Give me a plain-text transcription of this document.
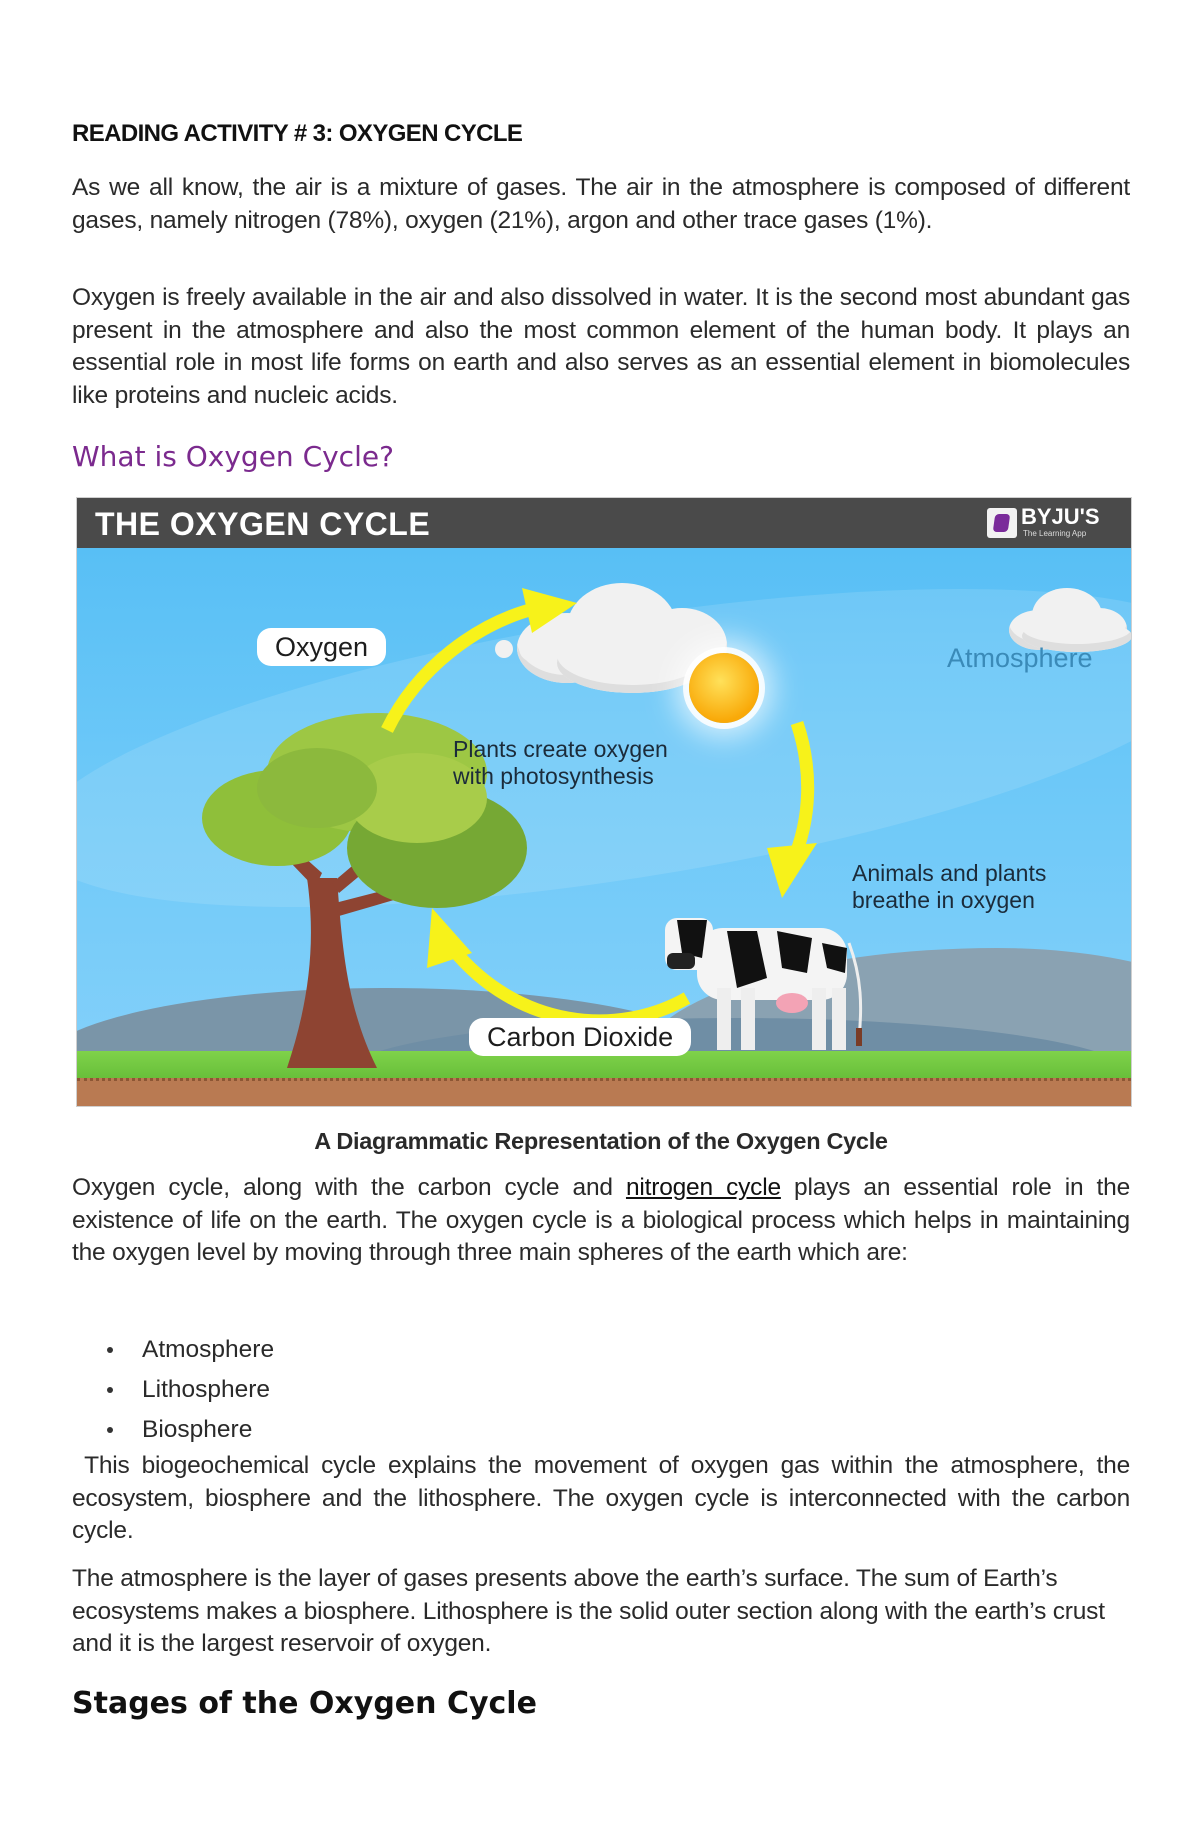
READING ACTIVITY # 3: OXYGEN CYCLE

As we all know, the air is a mixture of gases. The air in the atmosphere is composed of different gases, namely nitrogen (78%), oxygen (21%), argon and other trace gases (1%).

Oxygen is freely available in the air and also dissolved in water. It is the second most abundant gas present in the atmosphere and also the most common element of the human body. It plays an essential role in most life forms on earth and also serves as an essential element in biomolecules like proteins and nucleic acids.

What is Oxygen Cycle?
THE OXYGEN CYCLE	BYJU'S
The Learning App
Atmosphere
Oxygen
Plants create oxygen
with photosynthesis
Animals and plants
breathe in oxygen
Carbon Dioxide
A Diagrammatic Representation of the Oxygen Cycle

Oxygen cycle, along with the carbon cycle and nitrogen cycle plays an essential role in the existence of life on the earth. The oxygen cycle is a biological process which helps in maintaining the oxygen level by moving through three main spheres of the earth which are:

Atmosphere
Lithosphere
Biosphere

This biogeochemical cycle explains the movement of oxygen gas within the atmosphere, the ecosystem, biosphere and the lithosphere. The oxygen cycle is interconnected with the carbon cycle.

The atmosphere is the layer of gases presents above the earth’s surface. The sum of Earth’s ecosystems makes a biosphere. Lithosphere is the solid outer section along with the earth’s crust and it is the largest reservoir of oxygen.

Stages of the Oxygen Cycle
